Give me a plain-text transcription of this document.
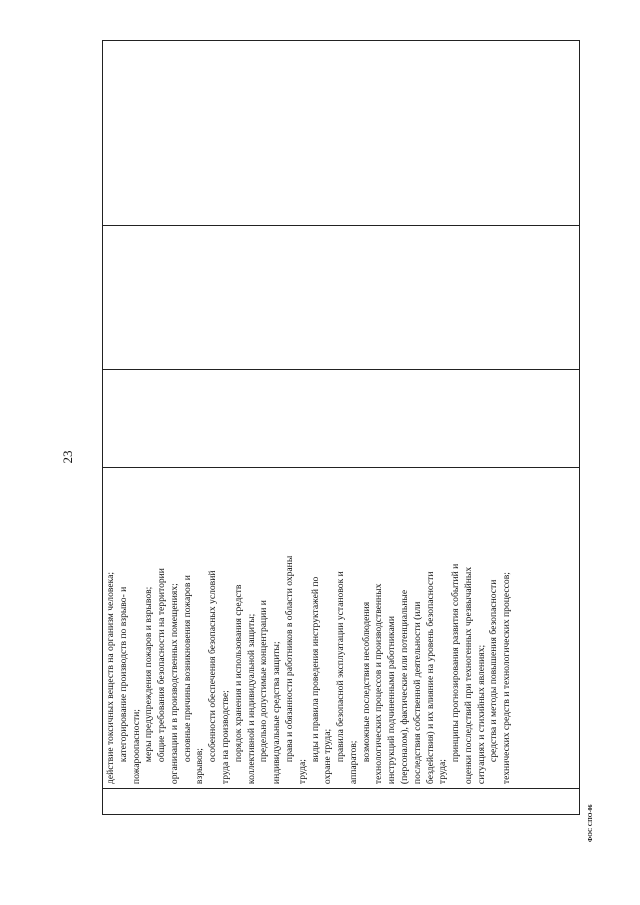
23
действие токсичных веществ на организм человека; категорирование производств по взрыво- и пожароопасности; меры предупреждения пожаров и взрывов; общие требования безопасности на территории организации и в производственных помещениях; основные причины возникновения пожаров и
взрывов;
особенности обеспечения безопасных условий труда на производстве; порядок хранения и использования средств коллективной и индивидуальной защиты; предельно допустимые концентрации и индивидуальные средства защиты; права и обязанности работников в области охраны
труда;
виды и правила проведения инструктажей по охране труда; правила безопасной эксплуатации установок и
аппаратов;
возможные последствия несоблюдения технологических процессов и производственных инструкций подчиненными работниками (персоналом), фактические или потенциальные последствия собственной деятельности (или бездействия) и их влияние на уровень безопасности труда;
принципы прогнозирования развития событий и оценки последствий при техногенных чрезвычайных ситуациях и стихийных явлениях; средства и методы повышения безопасности технических средств и технологических процессов;
ФОС СПО-06
